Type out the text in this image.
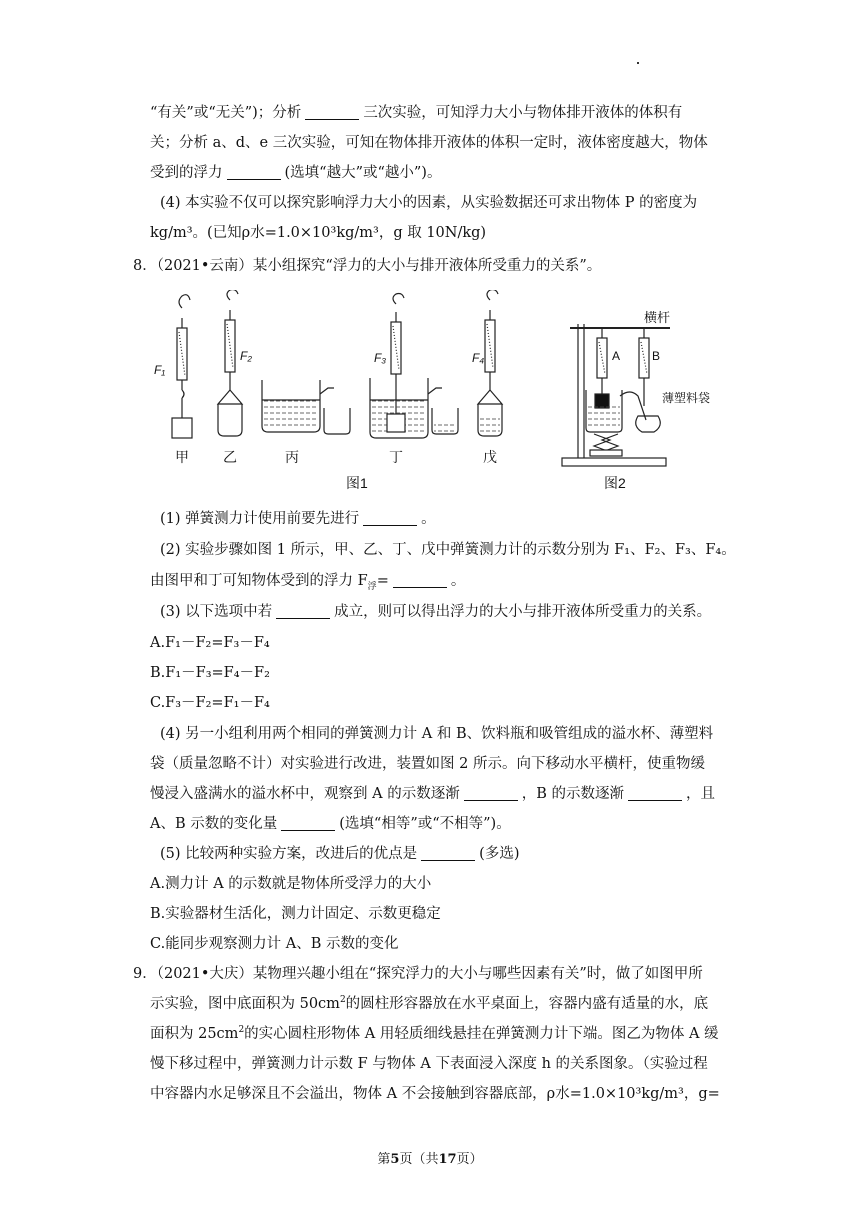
“有关”或“无关”)；分析	三次实验，可知浮力大小与物体排开液体的体积有
关；分析 a、d、e 三次实验，可知在物体排开液体的体积一定时，液体密度越大，物体
受到的浮力	(选填“越大”或“越小”)。
(4) 本实验不仅可以探究影响浮力大小的因素，从实验数据还可求出物体 P 的密度为
kg/m³。(已知ρ水=1.0×10³kg/m³，g 取 10N/kg)
8．（2021•云南）某小组探究“浮力的大小与排开液体所受重力的关系”。
F₁
F₂	F₃	F₄
甲 乙	丙	丁	戊
图1	图2
横杆
A	B
薄塑料袋
(1) 弹簧测力计使用前要先进行	。
(2) 实验步骤如图 1 所示，甲、乙、丁、戊中弹簧测力计的示数分别为 F₁、F₂、F₃、F₄。
由图甲和丁可知物体受到的浮力 $F_浮=$	。
(3) 以下选项中若	成立，则可以得出浮力的大小与排开液体所受重力的关系。
A.F₁－F₂=F₃－F₄
B.F₁－F₃=F₄－F₂
C.F₃－F₂=F₁－F₄
(4) 另一小组利用两个相同的弹簧测力计 A 和 B、饮料瓶和吸管组成的溢水杯、薄塑料
袋（质量忽略不计）对实验进行改进，装置如图 2 所示。向下移动水平横杆，使重物缓
慢浸入盛满水的溢水杯中，观察到 A 的示数逐渐	，B 的示数逐渐	，且
A、B 示数的变化量	(选填“相等”或“不相等”)。
(5) 比较两种实验方案，改进后的优点是	(多选)
A.测力计 A 的示数就是物体所受浮力的大小
B.实验器材生活化，测力计固定、示数更稳定
C.能同步观察测力计 A、B 示数的变化
9．（2021•大庆）某物理兴趣小组在“探究浮力的大小与哪些因素有关”时，做了如图甲所
示实验，图中底面积为 $50cm^2$的圆柱形容器放在水平桌面上，容器内盛有适量的水，底
面积为 $25cm^2$的实心圆柱形物体 A 用轻质细线悬挂在弹簧测力计下端。图乙为物体 A 缓
慢下移过程中，弹簧测力计示数 F 与物体 A 下表面浸入深度 h 的关系图象。（实验过程
中容器内水足够深且不会溢出，物体 A 不会接触到容器底部，ρ水=1.0×10³kg/m³，g=
第5页（共17页）
